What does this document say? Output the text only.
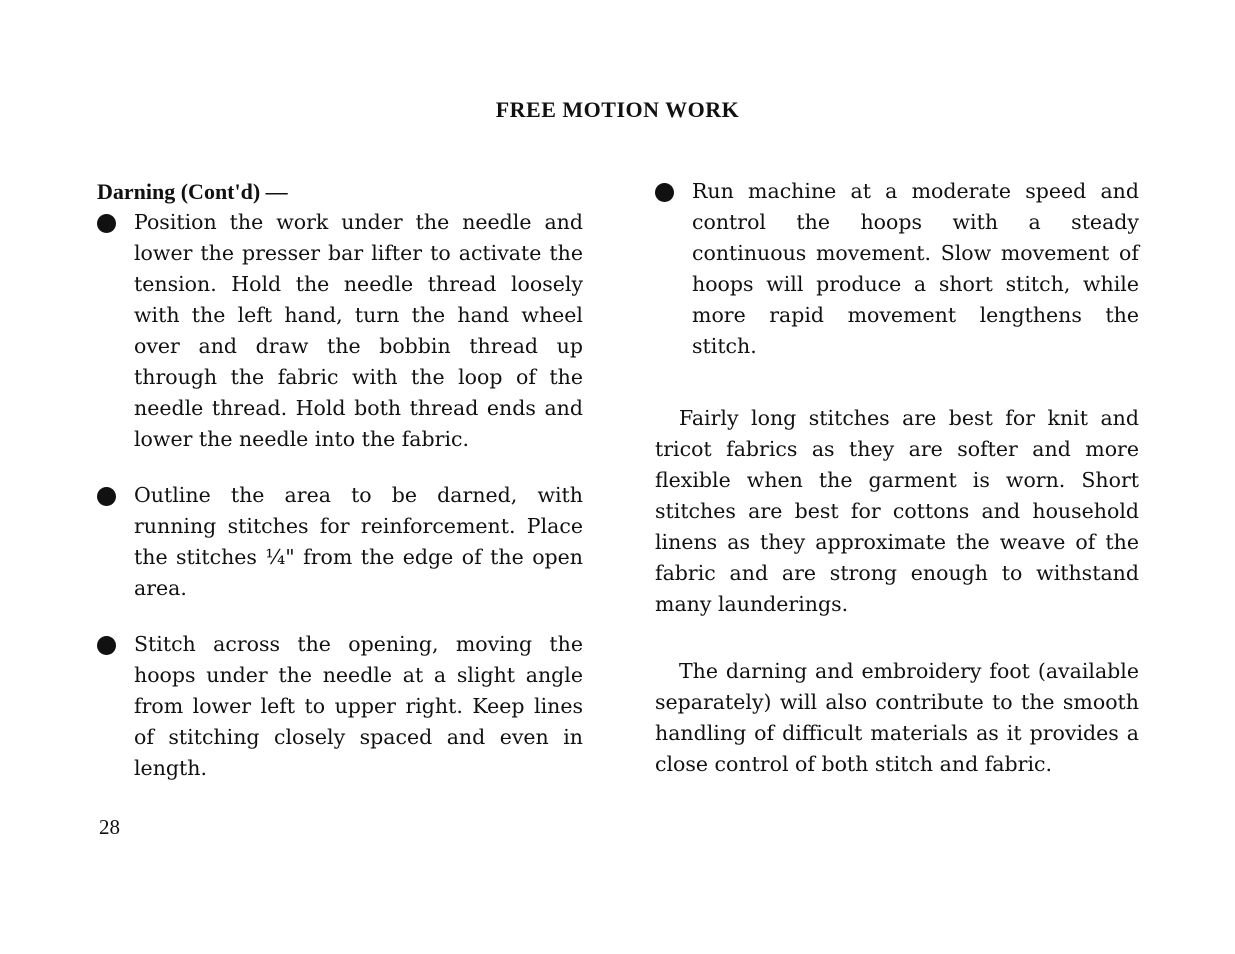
FREE MOTION WORK
Darning (Cont'd) —
Position the work under the needle and lower the presser bar lifter to activate the tension. Hold the needle thread loosely with the left hand, turn the hand wheel over and draw the bobbin thread up through the fabric with the loop of the needle thread. Hold both thread ends and lower the needle into the fabric.
Outline the area to be darned, with running stitches for reinforcement. Place the stitches ¼" from the edge of the open area.
Stitch across the opening, moving the hoops under the needle at a slight angle from lower left to upper right. Keep lines of stitching closely spaced and even in length.
Run machine at a moderate speed and control the hoops with a steady continuous movement. Slow movement of hoops will produce a short stitch, while more rapid movement lengthens the stitch.

Fairly long stitches are best for knit and tricot fabrics as they are softer and more flexible when the garment is worn. Short stitches are best for cottons and household linens as they approximate the weave of the fabric and are strong enough to withstand many launderings.

The darning and embroidery foot (available separately) will also contribute to the smooth handling of difficult materials as it provides a close control of both stitch and fabric.

28
